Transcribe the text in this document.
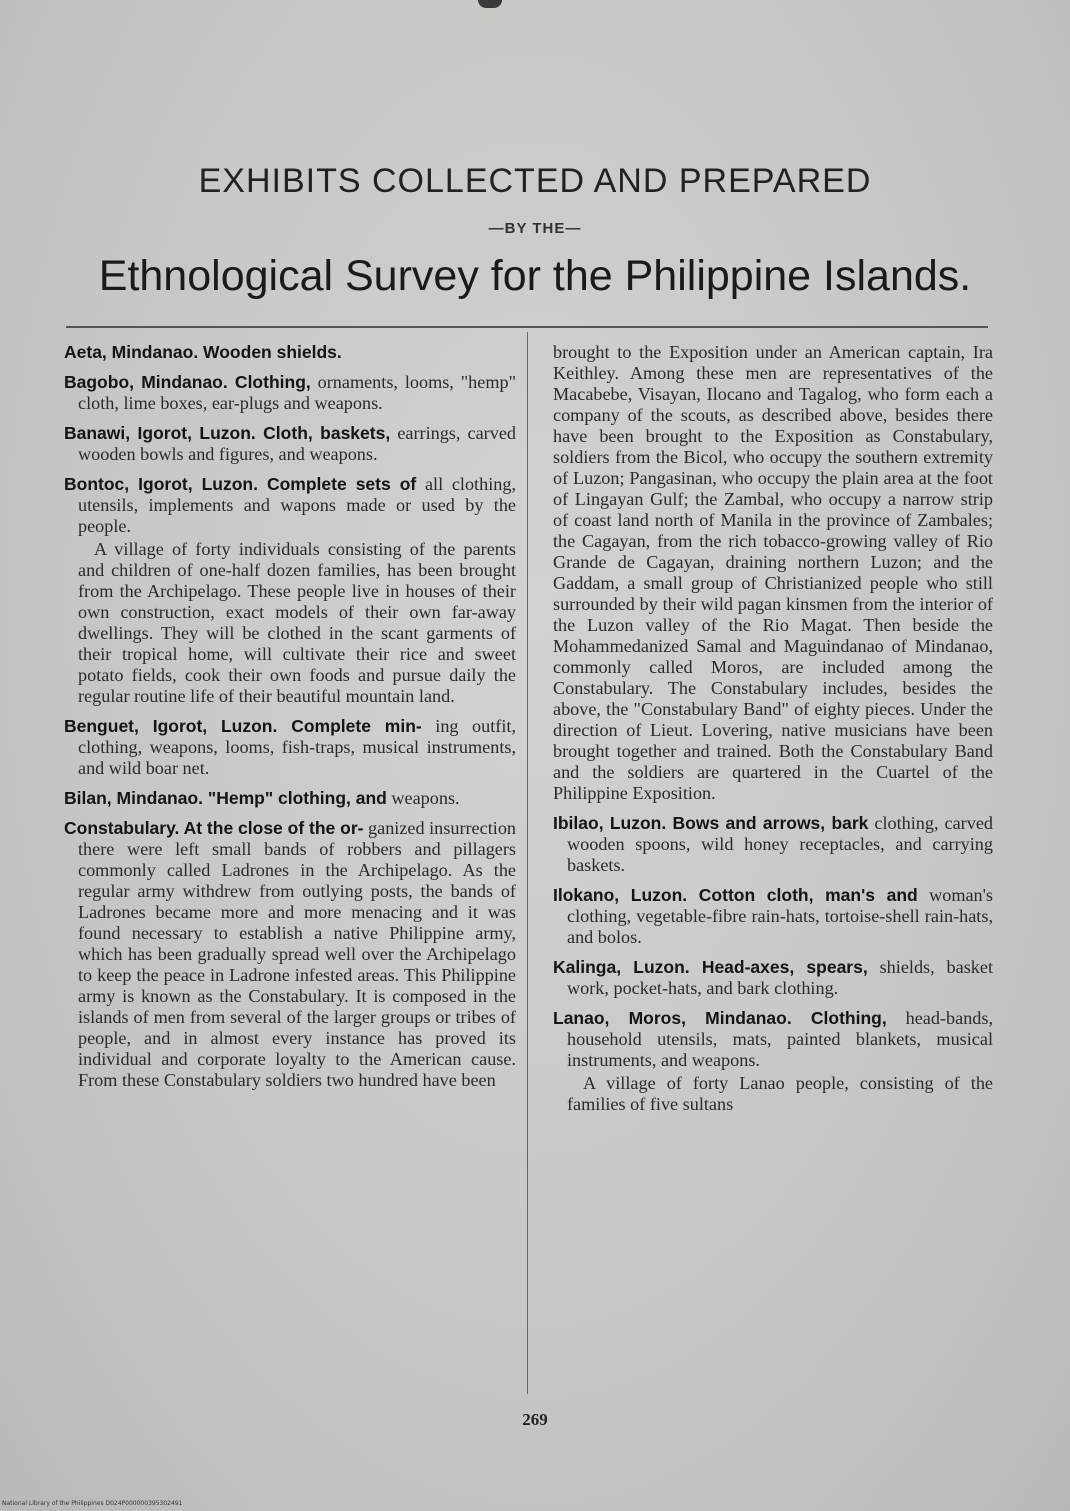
EXHIBITS COLLECTED AND PREPARED
—BY THE—
Ethnological Survey for the Philippine Islands.

Aeta, Mindanao. Wooden shields.

Bagobo, Mindanao. Clothing, ornaments, looms, "hemp" cloth, lime boxes, ear-plugs and weapons.

Banawi, Igorot, Luzon. Cloth, baskets, earrings, carved wooden bowls and figures, and weapons.

Bontoc, Igorot, Luzon. Complete sets of all clothing, utensils, implements and wapons made or used by the people.

A village of forty individuals consisting of the parents and children of one-half dozen families, has been brought from the Archipelago. These people live in houses of their own construction, exact models of their own far-away dwellings. They will be clothed in the scant garments of their tropical home, will cultivate their rice and sweet potato fields, cook their own foods and pursue daily the regular routine life of their beautiful mountain land.

Benguet, Igorot, Luzon. Complete min- ing outfit, clothing, weapons, looms, fish-traps, musical instruments, and wild boar net.

Bilan, Mindanao. "Hemp" clothing, and weapons.

Constabulary. At the close of the or- ganized insurrection there were left small bands of robbers and pillagers commonly called Ladrones in the Archipelago. As the regular army withdrew from outlying posts, the bands of Ladrones became more and more menacing and it was found necessary to establish a native Philippine army, which has been gradually spread well over the Archipelago to keep the peace in Ladrone infested areas. This Philippine army is known as the Constabulary. It is composed in the islands of men from several of the larger groups or tribes of people, and in almost every instance has proved its individual and corporate loyalty to the American cause. From these Constabulary soldiers two hundred have been

brought to the Exposition under an American captain, Ira Keithley. Among these men are representatives of the Macabebe, Visayan, Ilocano and Tagalog, who form each a company of the scouts, as described above, besides there have been brought to the Exposition as Constabulary, soldiers from the Bicol, who occupy the southern extremity of Luzon; Pangasinan, who occupy the plain area at the foot of Lingayan Gulf; the Zambal, who occupy a narrow strip of coast land north of Manila in the province of Zambales; the Cagayan, from the rich tobacco-growing valley of Rio Grande de Cagayan, draining northern Luzon; and the Gaddam, a small group of Christianized people who still surrounded by their wild pagan kinsmen from the interior of the Luzon valley of the Rio Magat. Then beside the Mohammedanized Samal and Maguindanao of Mindanao, commonly called Moros, are included among the Constabulary. The Constabulary includes, besides the above, the "Constabulary Band" of eighty pieces. Under the direction of Lieut. Lovering, native musicians have been brought together and trained. Both the Constabulary Band and the soldiers are quartered in the Cuartel of the Philippine Exposition.

Ibilao, Luzon. Bows and arrows, bark clothing, carved wooden spoons, wild honey receptacles, and carrying baskets.

Ilokano, Luzon. Cotton cloth, man's and woman's clothing, vegetable-fibre rain-hats, tortoise-shell rain-hats, and bolos.

Kalinga, Luzon. Head-axes, spears, shields, basket work, pocket-hats, and bark clothing.

Lanao, Moros, Mindanao. Clothing, head-bands, household utensils, mats, painted blankets, musical instruments, and weapons.

A village of forty Lanao people, consisting of the families of five sultans

269
National Library of the Philippines D024P000000395302491
